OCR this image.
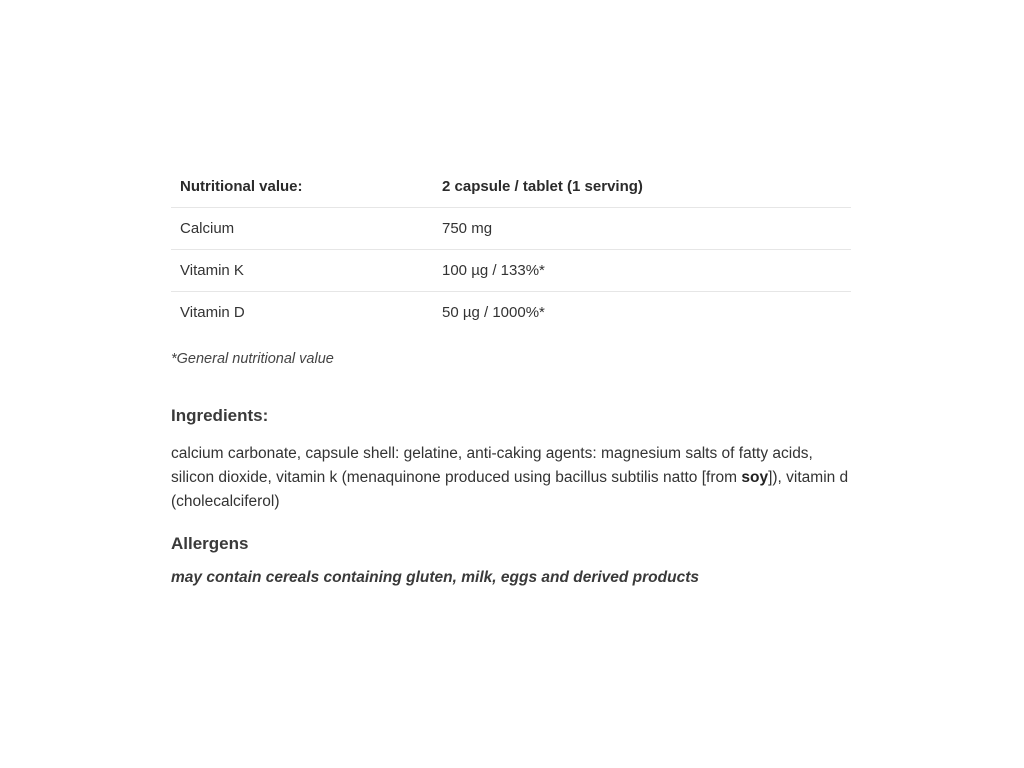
Nutritional value:	2 capsule / tablet (1 serving)
Calcium	750 mg
Vitamin K	100 µg / 133%*
Vitamin D	50 µg / 1000%*
*General nutritional value
Ingredients:
calcium carbonate, capsule shell: gelatine, anti-caking agents: magnesium salts of fatty acids, silicon dioxide, vitamin k (menaquinone produced using bacillus subtilis natto [from soy]), vitamin d (cholecalciferol)
Allergens
may contain cereals containing gluten, milk, eggs and derived products
